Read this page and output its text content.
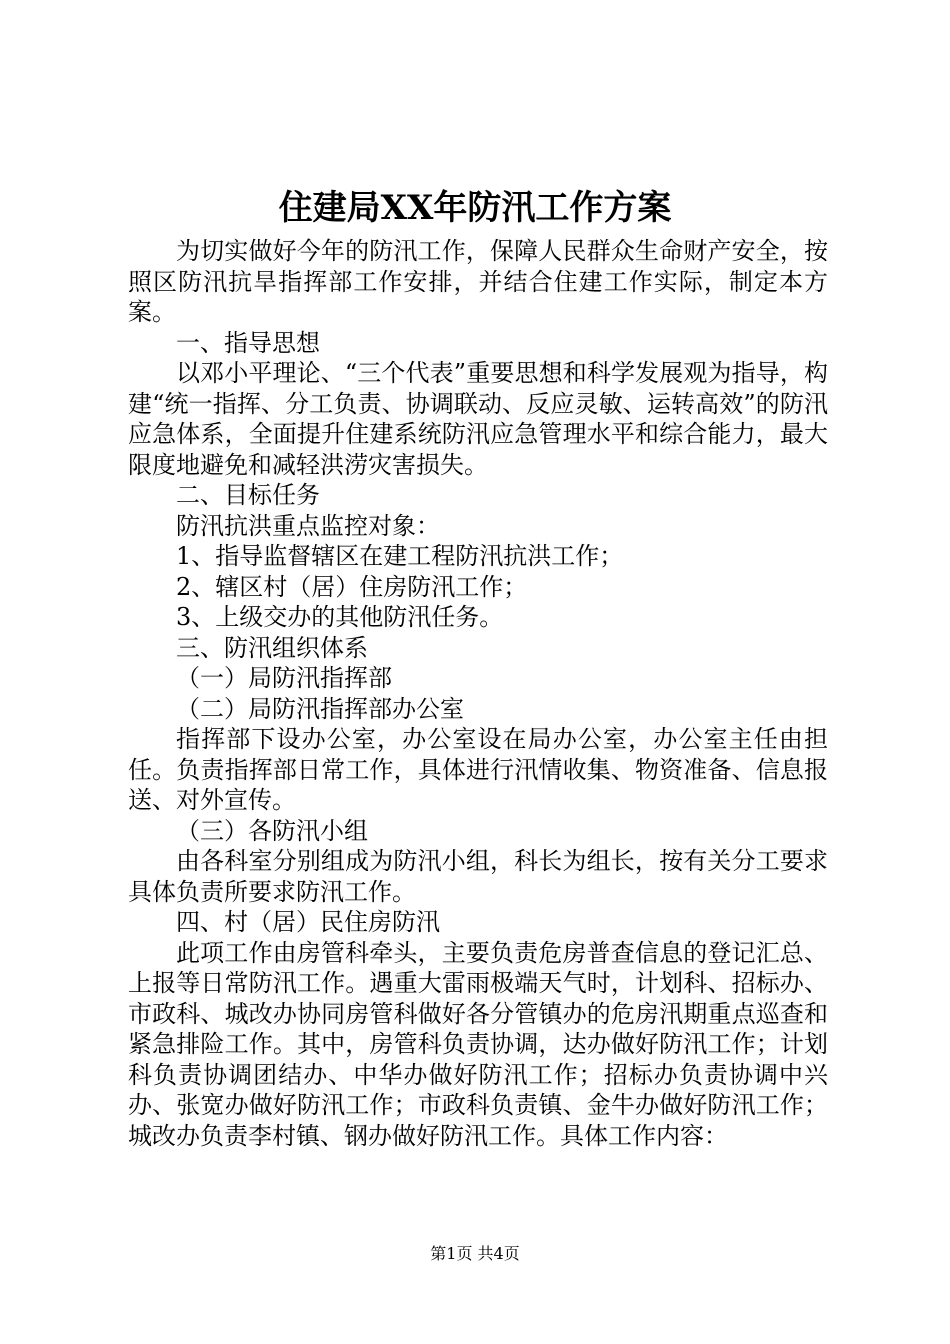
住建局XX年防汛工作方案

为切实做好今年的防汛工作，保障人民群众生命财产安全，按照区防汛抗旱指挥部工作安排，并结合住建工作实际，制定本方案。

一、指导思想

以邓小平理论、“三个代表”重要思想和科学发展观为指导，构建“统一指挥、分工负责、协调联动、反应灵敏、运转高效”的防汛应急体系，全面提升住建系统防汛应急管理水平和综合能力，最大限度地避免和减轻洪涝灾害损失。

二、目标任务

防汛抗洪重点监控对象：

1、指导监督辖区在建工程防汛抗洪工作；

2、辖区村（居）住房防汛工作；

3、上级交办的其他防汛任务。

三、防汛组织体系

（一）局防汛指挥部

（二）局防汛指挥部办公室

指挥部下设办公室，办公室设在局办公室，办公室主任由担任。负责指挥部日常工作，具体进行汛情收集、物资准备、信息报送、对外宣传。

（三）各防汛小组

由各科室分别组成为防汛小组，科长为组长，按有关分工要求具体负责所要求防汛工作。

四、村（居）民住房防汛

此项工作由房管科牵头，主要负责危房普查信息的登记汇总、上报等日常防汛工作。遇重大雷雨极端天气时，计划科、招标办、市政科、城改办协同房管科做好各分管镇办的危房汛期重点巡查和紧急排险工作。其中，房管科负责协调，达办做好防汛工作；计划科负责协调团结办、中华办做好防汛工作；招标办负责协调中兴办、张宽办做好防汛工作；市政科负责镇、金牛办做好防汛工作；城改办负责李村镇、钢办做好防汛工作。具体工作内容：

第1页 共4页
